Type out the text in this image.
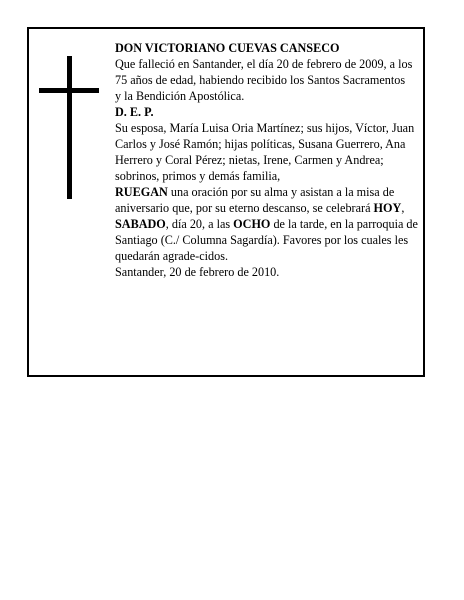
DON VICTORIANO CUEVAS CANSECO

Que falleció en Santander, el día 20 de febrero de 2009, a los 75 años de edad, habiendo recibido los Santos Sacramentos

y la Bendición Apostólica.

D. E. P.

Su esposa, María Luisa Oria Martínez; sus hijos, Víctor, Juan Carlos y José Ramón; hijas políticas, Susana Guerrero, Ana Herrero y Coral Pérez; nietas, Irene, Carmen y Andrea; sobrinos, primos y demás familia,

RUEGAN una oración por su alma y asistan a la misa de aniversario que, por su eterno descanso, se celebrará HOY, SABADO, día 20, a las OCHO de la tarde, en la parroquia de Santiago (C./ Columna Sagardía). Favores por los cuales les quedarán agrade-cidos.

Santander, 20 de febrero de 2010.
